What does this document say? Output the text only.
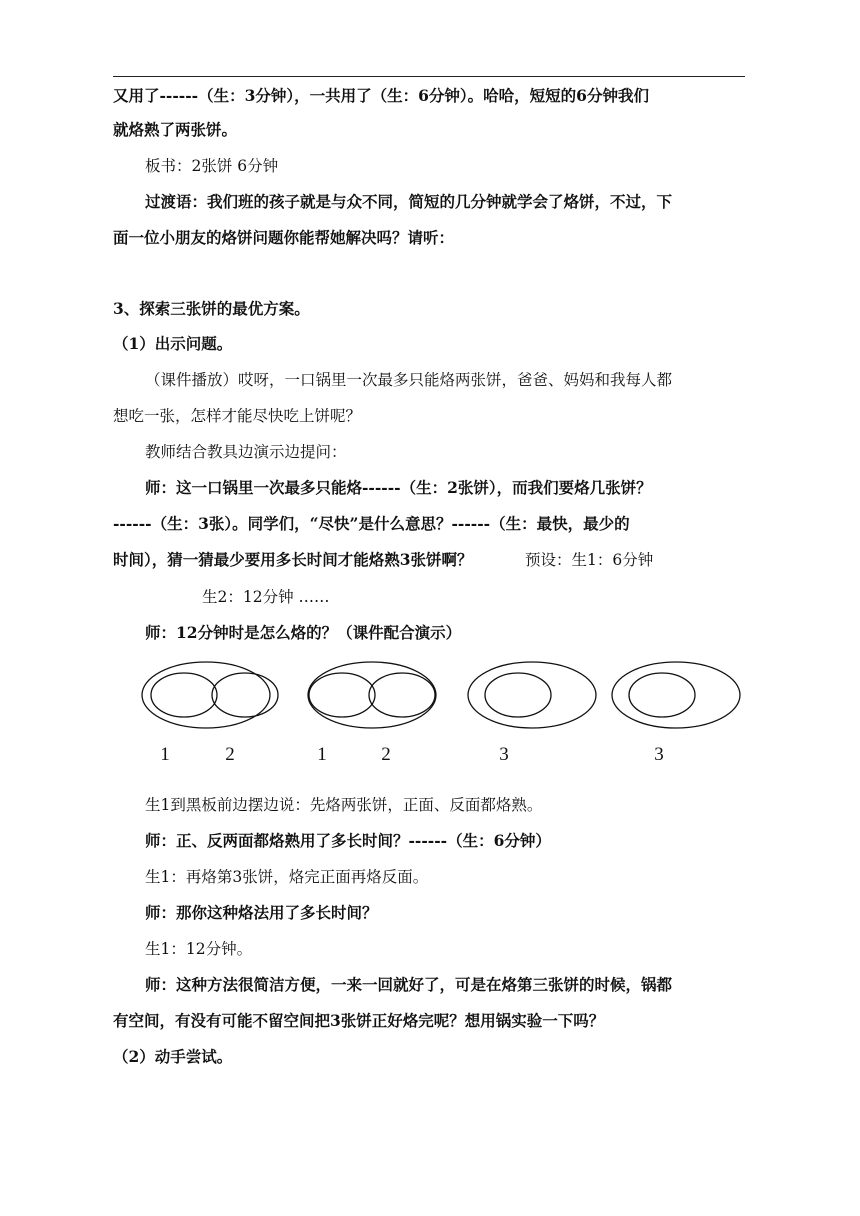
又用了------（生：3分钟），一共用了（生：6分钟）。哈哈，短短的6分钟我们
就烙熟了两张饼。
板书：2张饼 6分钟
过渡语：我们班的孩子就是与众不同，简短的几分钟就学会了烙饼，不过，下
面一位小朋友的烙饼问题你能帮她解决吗？请听：
3、探索三张饼的最优方案。
（1）出示问题。
（课件播放）哎呀，一口锅里一次最多只能烙两张饼，爸爸、妈妈和我每人都
想吃一张，怎样才能尽快吃上饼呢？
教师结合教具边演示边提问：
师：这一口锅里一次最多只能烙------（生：2张饼），而我们要烙几张饼？
------（生：3张）。同学们，“尽快”是什么意思？------（生：最快，最少的
时间），猜一猜最少要用多长时间才能烙熟3张饼啊？	预设：生1：6分钟
生2：12分钟 ……
师：12分钟时是怎么烙的？（课件配合演示）
1	2	1	2	3	3
生1到黑板前边摆边说：先烙两张饼，正面、反面都烙熟。
师：正、反两面都烙熟用了多长时间？------（生：6分钟）
生1：再烙第3张饼，烙完正面再烙反面。
师：那你这种烙法用了多长时间？
生1：12分钟。
师：这种方法很简洁方便，一来一回就好了，可是在烙第三张饼的时候，锅都
有空间，有没有可能不留空间把3张饼正好烙完呢？想用锅实验一下吗？
（2）动手尝试。
